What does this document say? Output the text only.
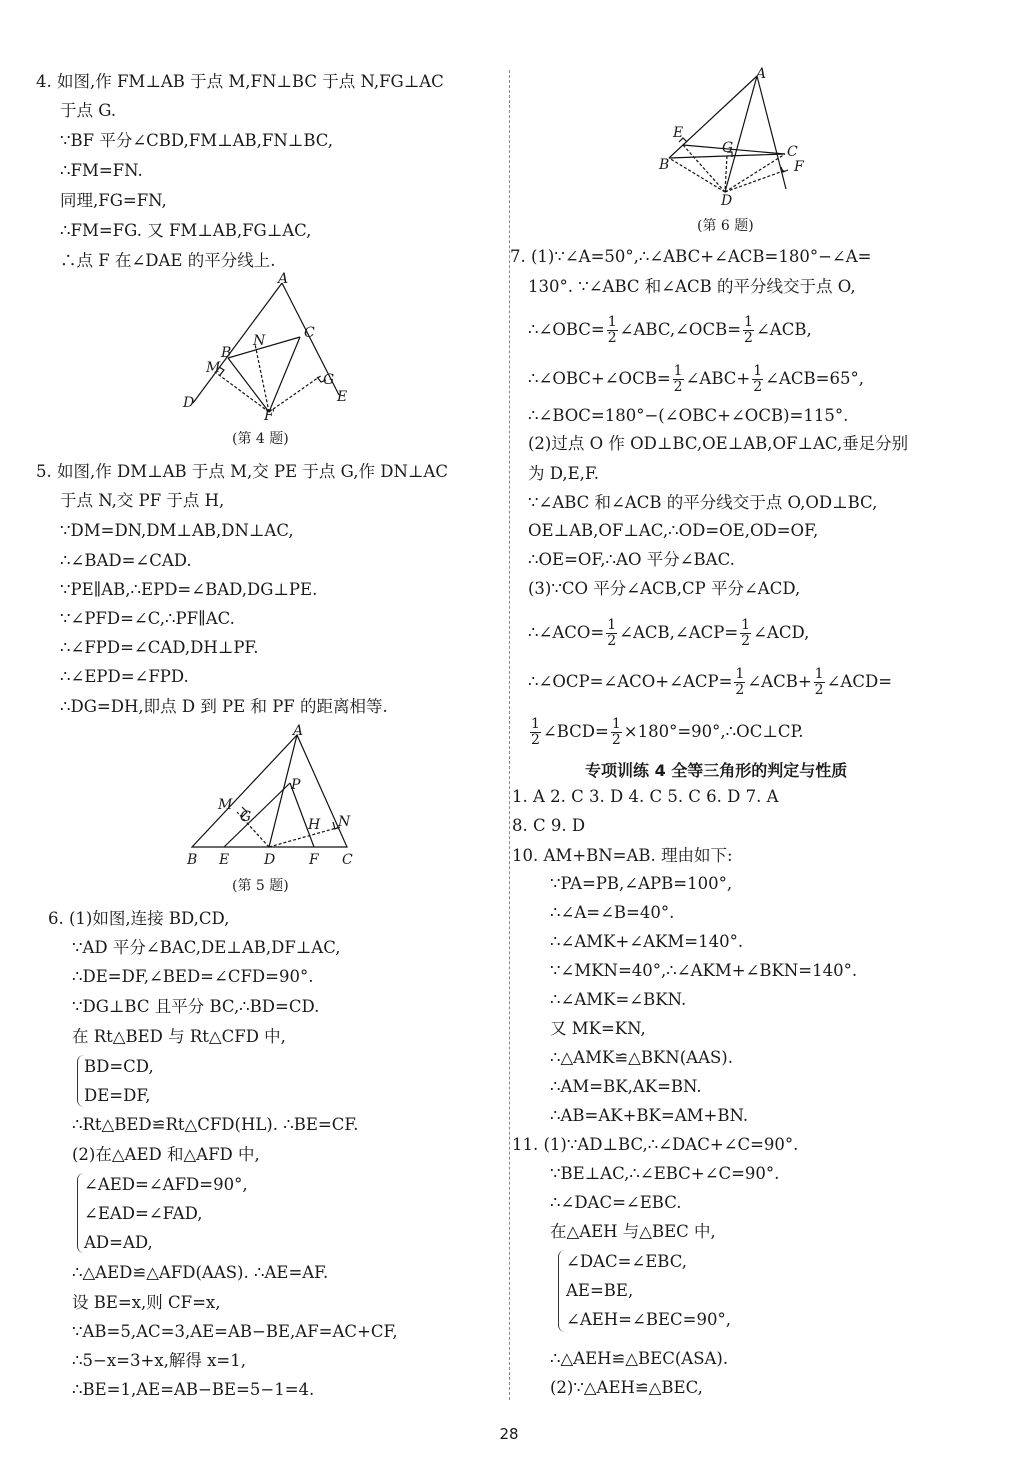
A
B
C
M
N
G
D	E
F
(第 4 题)
A
M
G
P
H N
B E D F C
(第 5 题)
A
E
G	C
B	F
D
(第 6 题)
∴∠OBC= $\frac{1}{2}$ ∠ABC,∠OCB= $\frac{1}{2}$ ∠ACB,
∴∠OBC+∠OCB= $\frac{1}{2}$ ∠ABC+ $\frac{1}{2}$ ∠ACB=65°,
∴∠ACO= $\frac{1}{2}$ ∠ACB,∠ACP= $\frac{1}{2}$ ∠ACD,
∴∠OCP=∠ACO+∠ACP= $\frac{1}{2}$ ∠ACB+ $\frac{1}{2}$ ∠ACD=
$\frac{1}{2}$ ∠BCD= $\frac{1}{2}$ ×180°=90°,∴OC⊥CP.
专项训练 4 全等三角形的判定与性质
28
4. 如图,作 FM⊥AB 于点 M,FN⊥BC 于点 N,FG⊥AC
于点 G.
∵BF 平分∠CBD,FM⊥AB,FN⊥BC,
∴FM=FN.
同理,FG=FN,
∴FM=FG. 又 FM⊥AB,FG⊥AC,
∴点 F 在∠DAE 的平分线上.
5. 如图,作 DM⊥AB 于点 M,交 PE 于点 G,作 DN⊥AC
于点 N,交 PF 于点 H,
∵DM=DN,DM⊥AB,DN⊥AC,
∴∠BAD=∠CAD.
∵PE∥AB,∴EPD=∠BAD,DG⊥PE.
∵∠PFD=∠C,∴PF∥AC.
∴∠FPD=∠CAD,DH⊥PF.
∴∠EPD=∠FPD.
∴DG=DH,即点 D 到 PE 和 PF 的距离相等.
6. (1)如图,连接 BD,CD,
∵AD 平分∠BAC,DE⊥AB,DF⊥AC,
∴DE=DF,∠BED=∠CFD=90°.
∵DG⊥BC 且平分 BC,∴BD=CD.
在 Rt△BED 与 Rt△CFD 中,
BD=CD,
DE=DF,
∴Rt△BED≌Rt△CFD(HL). ∴BE=CF.
(2)在△AED 和△AFD 中,
∠AED=∠AFD=90°,
∠EAD=∠FAD,
AD=AD,
∴△AED≌△AFD(AAS). ∴AE=AF.
设 BE=x,则 CF=x,
∵AB=5,AC=3,AE=AB−BE,AF=AC+CF,
∴5−x=3+x,解得 x=1,
∴BE=1,AE=AB−BE=5−1=4.
7. (1)∵∠A=50°,∴∠ABC+∠ACB=180°−∠A=
130°. ∵∠ABC 和∠ACB 的平分线交于点 O,
∴∠BOC=180°−(∠OBC+∠OCB)=115°.
(2)过点 O 作 OD⊥BC,OE⊥AB,OF⊥AC,垂足分别
为 D,E,F.
∵∠ABC 和∠ACB 的平分线交于点 O,OD⊥BC,
OE⊥AB,OF⊥AC,∴OD=OE,OD=OF,
∴OE=OF,∴AO 平分∠BAC.
(3)∵CO 平分∠ACB,CP 平分∠ACD,
1. A 2. C 3. D 4. C 5. C 6. D 7. A
8. C 9. D
10. AM+BN=AB. 理由如下:
∵PA=PB,∠APB=100°,
∴∠A=∠B=40°.
∴∠AMK+∠AKM=140°.
∵∠MKN=40°,∴∠AKM+∠BKN=140°.
∴∠AMK=∠BKN.
又 MK=KN,
∴△AMK≌△BKN(AAS).
∴AM=BK,AK=BN.
∴AB=AK+BK=AM+BN.
11. (1)∵AD⊥BC,∴∠DAC+∠C=90°.
∵BE⊥AC,∴∠EBC+∠C=90°.
∴∠DAC=∠EBC.
在△AEH 与△BEC 中,
∠DAC=∠EBC,
AE=BE,
∠AEH=∠BEC=90°,
∴△AEH≌△BEC(ASA).
(2)∵△AEH≌△BEC,
